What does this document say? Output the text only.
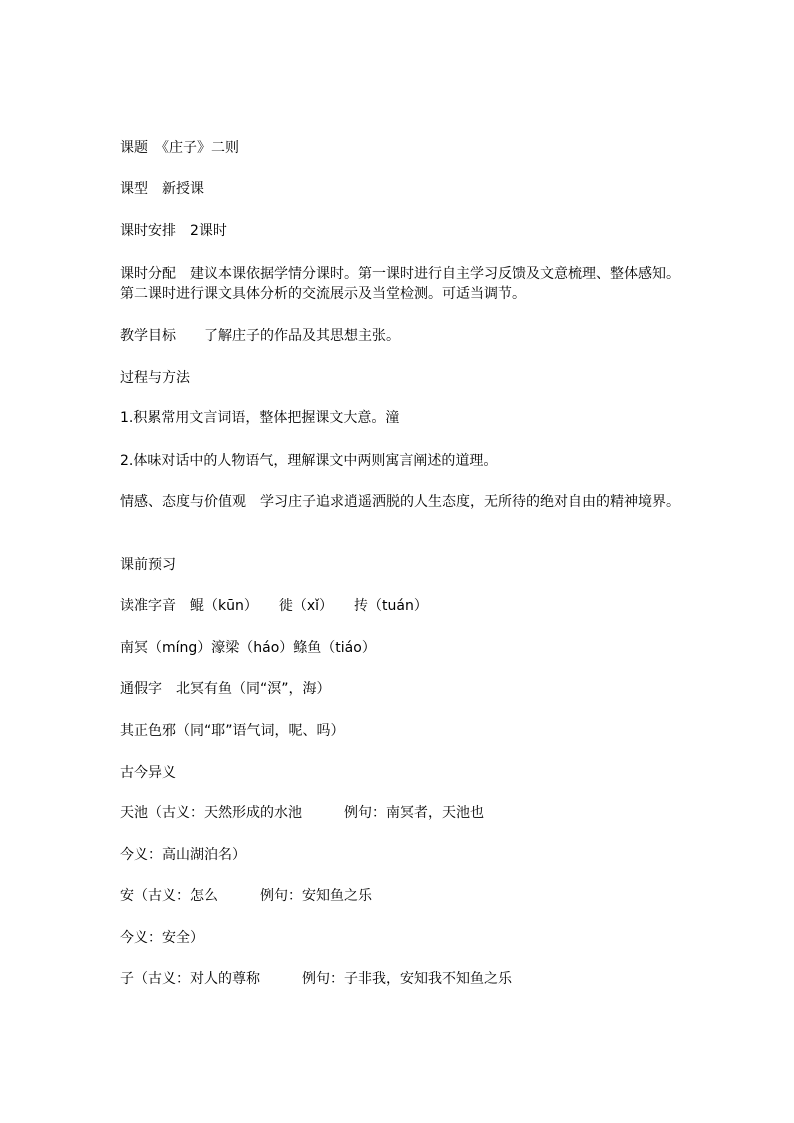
课题　《庄子》二则

课型　新授课

课时安排　2课时

课时分配　建议本课依据学情分课时。第一课时进行自主学习反馈及文意梳理、整体感知。第二课时进行课文具体分析的交流展示及当堂检测。可适当调节。

教学目标　　了解庄子的作品及其思想主张。

过程与方法

1.积累常用文言词语，整体把握课文大意。潼

2.体味对话中的人物语气，理解课文中两则寓言阐述的道理。

情感、态度与价值观　学习庄子追求逍遥洒脱的人生态度，无所待的绝对自由的精神境界。

课前预习

读准字音　鲲（kūn）　　徙（xǐ）　　抟（tuán）

南冥（míng）濠梁（háo）鲦鱼（tiáo）

通假字　北冥有鱼（同“溟”，海）

其正色邪（同“耶”语气词，呢、吗）

古今异义

天池（古义：天然形成的水池　　　例句：南冥者，天池也

今义：高山湖泊名）

安（古义：怎么　　　例句：安知鱼之乐

今义：安全）

子（古义：对人的尊称　　　例句：子非我，安知我不知鱼之乐
